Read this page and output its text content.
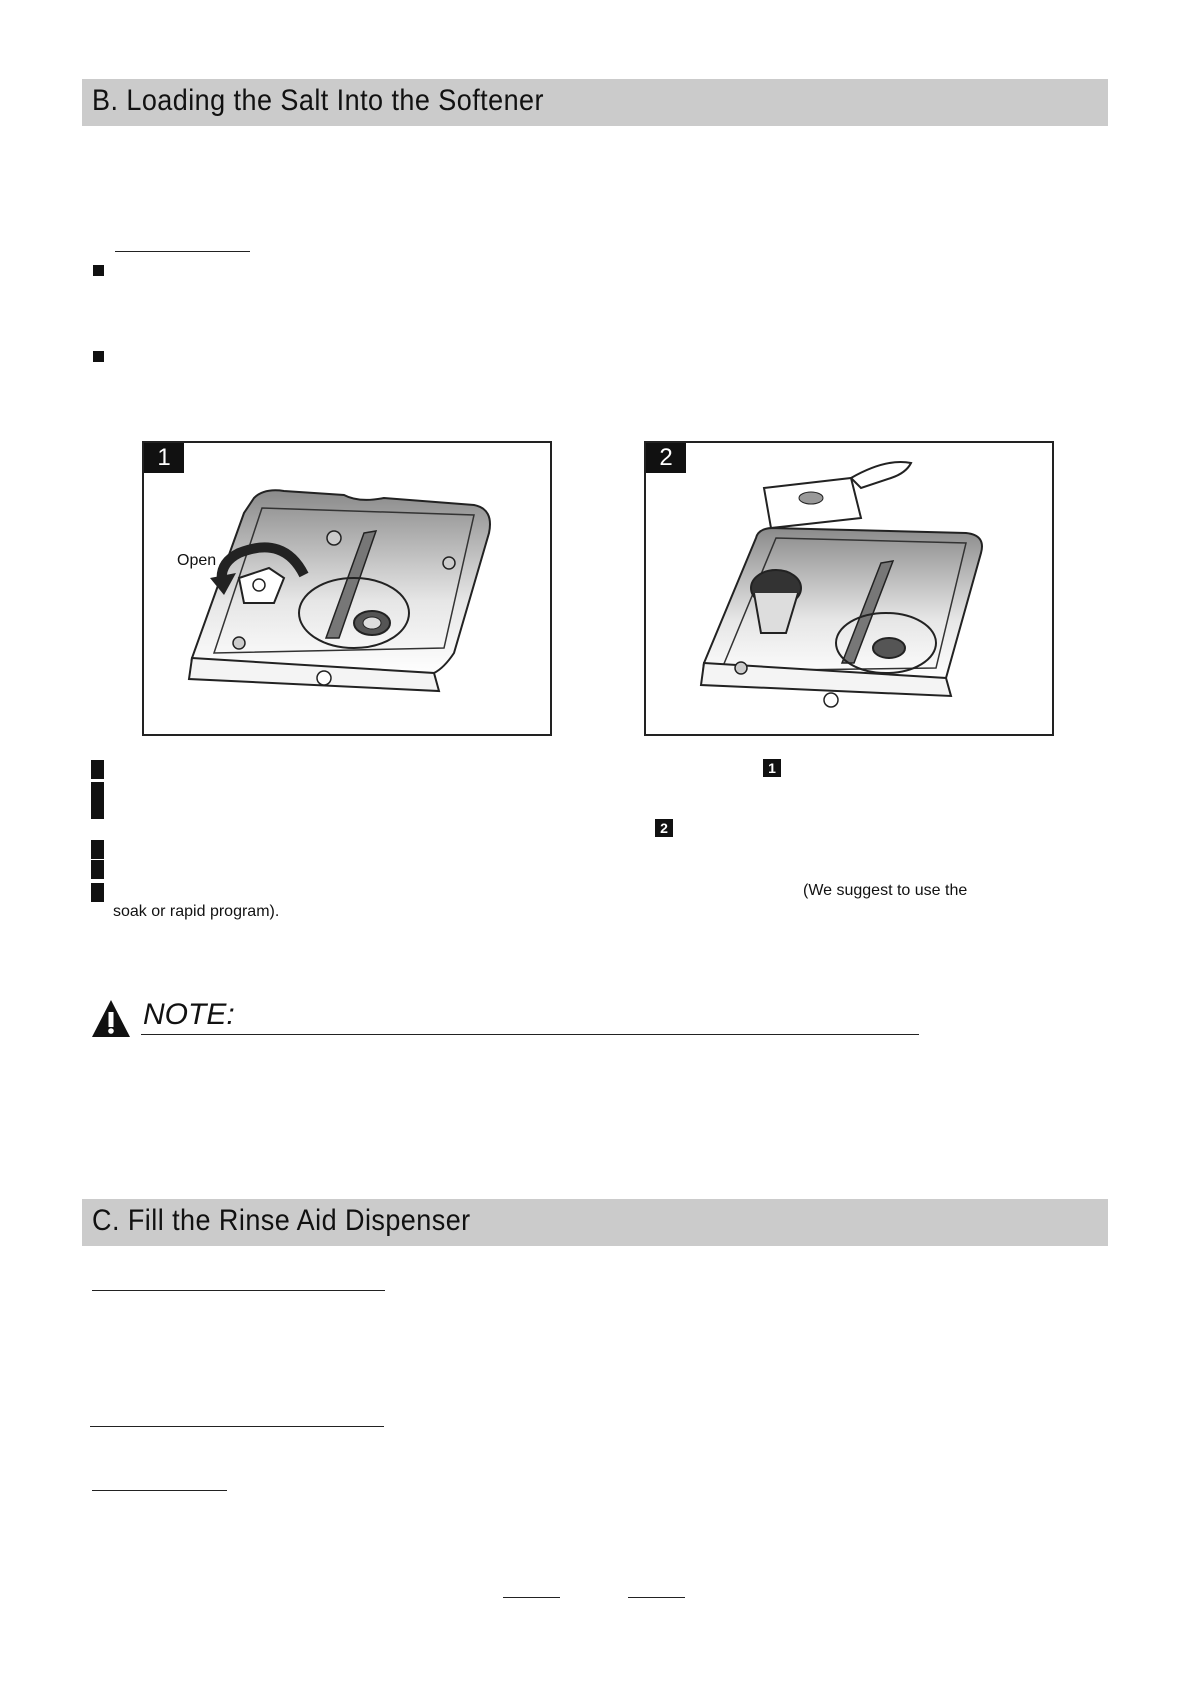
B. Loading the Salt Into the Softener
1
Open
2
1
2
(We suggest to use the
soak or rapid program).
NOTE:
C. Fill the Rinse Aid Dispenser
